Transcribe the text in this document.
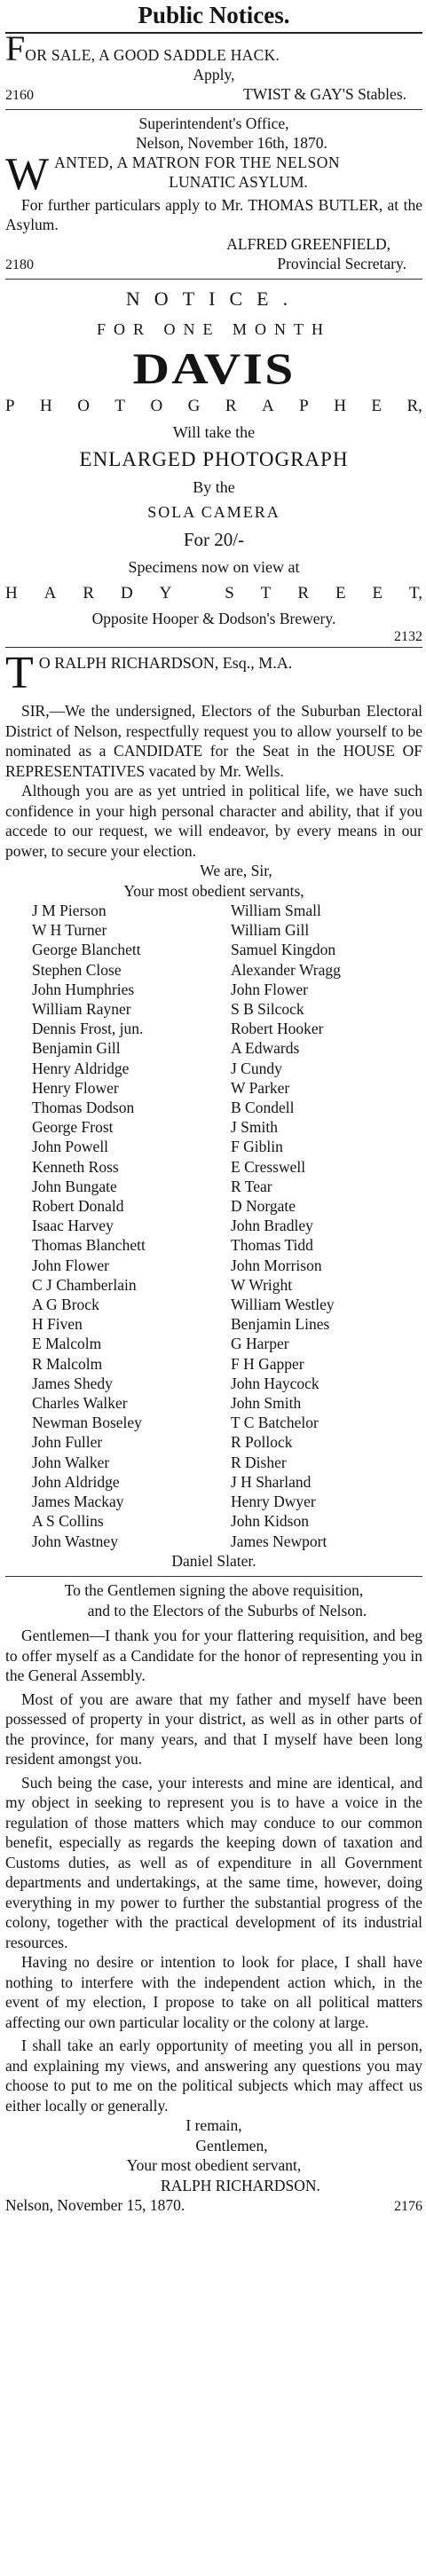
Public Notices.
FOR SALE, A GOOD SADDLE HACK.

Apply,

2160	TWIST & GAY'S Stables.

Superintendent's Office,

Nelson, November 16th, 1870.

W ANTED, A MATRON FOR THE NELSON

LUNATIC ASYLUM.

For further particulars apply to Mr. THOMAS BUTLER, at the Asylum.

ALFRED GREENFIELD,

2180	Provincial Secretary.
NOTICE.
FOR ONE MONTH
DAVIS
P H O T O G R A P H E R,
Will take the
ENLARGED PHOTOGRAPH
By the
SOLA CAMERA
For 20/-
Specimens now on view at
H A R D Y	S T R E E T,
Opposite Hooper & Dodson's Brewery.
2132
T O RALPH RICHARDSON, Esq., M.A.

SIR,—We the undersigned, Electors of the Suburban Electoral District of Nelson, respectfully request you to allow yourself to be nominated as a CANDIDATE for the Seat in the HOUSE OF REPRESENTATIVES vacated by Mr. Wells.

Although you are as yet untried in political life, we have such confidence in your high personal character and ability, that if you accede to our request, we will endeavor, by every means in our power, to secure your election.

We are, Sir,

Your most obedient servants,

J M Pierson	William Small
W H Turner	William Gill
George Blanchett	Samuel Kingdon
Stephen Close	Alexander Wragg
John Humphries	John Flower
William Rayner	S B Silcock
Dennis Frost, jun.	Robert Hooker
Benjamin Gill	A Edwards
Henry Aldridge	J Cundy
Henry Flower	W Parker
Thomas Dodson	B Condell
George Frost	J Smith
John Powell	F Giblin
Kenneth Ross	E Cresswell
John Bungate	R Tear
Robert Donald	D Norgate
Isaac Harvey	John Bradley
Thomas Blanchett	Thomas Tidd
John Flower	John Morrison
C J Chamberlain	W Wright
A G Brock	William Westley
H Fiven	Benjamin Lines
E Malcolm	G Harper
R Malcolm	F H Gapper
James Shedy	John Haycock
Charles Walker	John Smith
Newman Boseley	T C Batchelor
John Fuller	R Pollock
John Walker	R Disher
John Aldridge	J H Sharland
James Mackay	Henry Dwyer
A S Collins	John Kidson
John Wastney	James Newport

Daniel Slater.

To the Gentlemen signing the above requisition,

and to the Electors of the Suburbs of Nelson.

Gentlemen—I thank you for your flattering requisition, and beg to offer myself as a Candidate for the honor of representing you in the General Assembly.

Most of you are aware that my father and myself have been possessed of property in your district, as well as in other parts of the province, for many years, and that I myself have been long resident amongst you.

Such being the case, your interests and mine are identical, and my object in seeking to represent you is to have a voice in the regulation of those matters which may conduce to our common benefit, especially as regards the keeping down of taxation and Customs duties, as well as of expenditure in all Government departments and undertakings, at the same time, however, doing everything in my power to further the substantial progress of the colony, together with the practical development of its industrial resources.

Having no desire or intention to look for place, I shall have nothing to interfere with the independent action which, in the event of my election, I propose to take on all political matters affecting our own particular locality or the colony at large.

I shall take an early opportunity of meeting you all in person, and explaining my views, and answering any questions you may choose to put to me on the political subjects which may affect us either locally or generally.

I remain,

Gentlemen,

Your most obedient servant,

RALPH RICHARDSON.

Nelson, November 15, 1870.	2176
